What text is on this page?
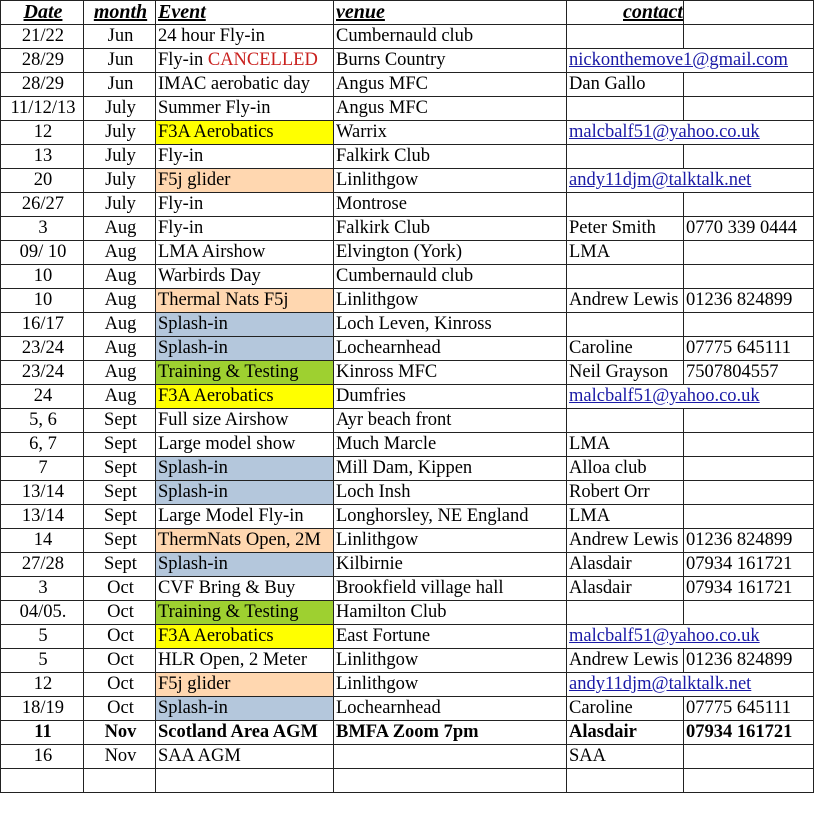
Date	month	Event	venue	contact	
21/22	Jun	24 hour Fly-in	Cumbernauld club		
28/29	Jun	Fly-in CANCELLED	Burns Country	nickonthemove1@gmail.com	
28/29	Jun	IMAC aerobatic day	Angus MFC	Dan Gallo	
11/12/13	July	Summer Fly-in	Angus MFC		
12	July	F3A Aerobatics	Warrix	malcbalf51@yahoo.co.uk	
13	July	Fly-in	Falkirk Club		
20	July	F5j glider	Linlithgow	andy11djm@talktalk.net	
26/27	July	Fly-in	Montrose		
3	Aug	Fly-in	Falkirk Club	Peter Smith	0770 339 0444
09/ 10	Aug	LMA Airshow	Elvington (York)	LMA	
10	Aug	Warbirds Day	Cumbernauld club		
10	Aug	Thermal Nats F5j	Linlithgow	Andrew Lewis	01236 824899
16/17	Aug	Splash-in	Loch Leven, Kinross		
23/24	Aug	Splash-in	Lochearnhead	Caroline	07775 645111
23/24	Aug	Training & Testing	Kinross MFC	Neil Grayson	7507804557
24	Aug	F3A Aerobatics	Dumfries	malcbalf51@yahoo.co.uk	
5, 6	Sept	Full size Airshow	Ayr beach front		
6, 7	Sept	Large model show	Much Marcle	LMA	
7	Sept	Splash-in	Mill Dam, Kippen	Alloa club	
13/14	Sept	Splash-in	Loch Insh	Robert Orr	
13/14	Sept	Large Model Fly-in	Longhorsley, NE England	LMA	
14	Sept	ThermNats Open, 2M	Linlithgow	Andrew Lewis	01236 824899
27/28	Sept	Splash-in	Kilbirnie	Alasdair	07934 161721
3	Oct	CVF Bring & Buy	Brookfield village hall	Alasdair	07934 161721
04/05.	Oct	Training & Testing	Hamilton Club		
5	Oct	F3A Aerobatics	East Fortune	malcbalf51@yahoo.co.uk	
5	Oct	HLR Open, 2 Meter	Linlithgow	Andrew Lewis	01236 824899
12	Oct	F5j glider	Linlithgow	andy11djm@talktalk.net	
18/19	Oct	Splash-in	Lochearnhead	Caroline	07775 645111
11	Nov	Scotland Area AGM	BMFA Zoom 7pm	Alasdair	07934 161721
16	Nov	SAA AGM		SAA	
